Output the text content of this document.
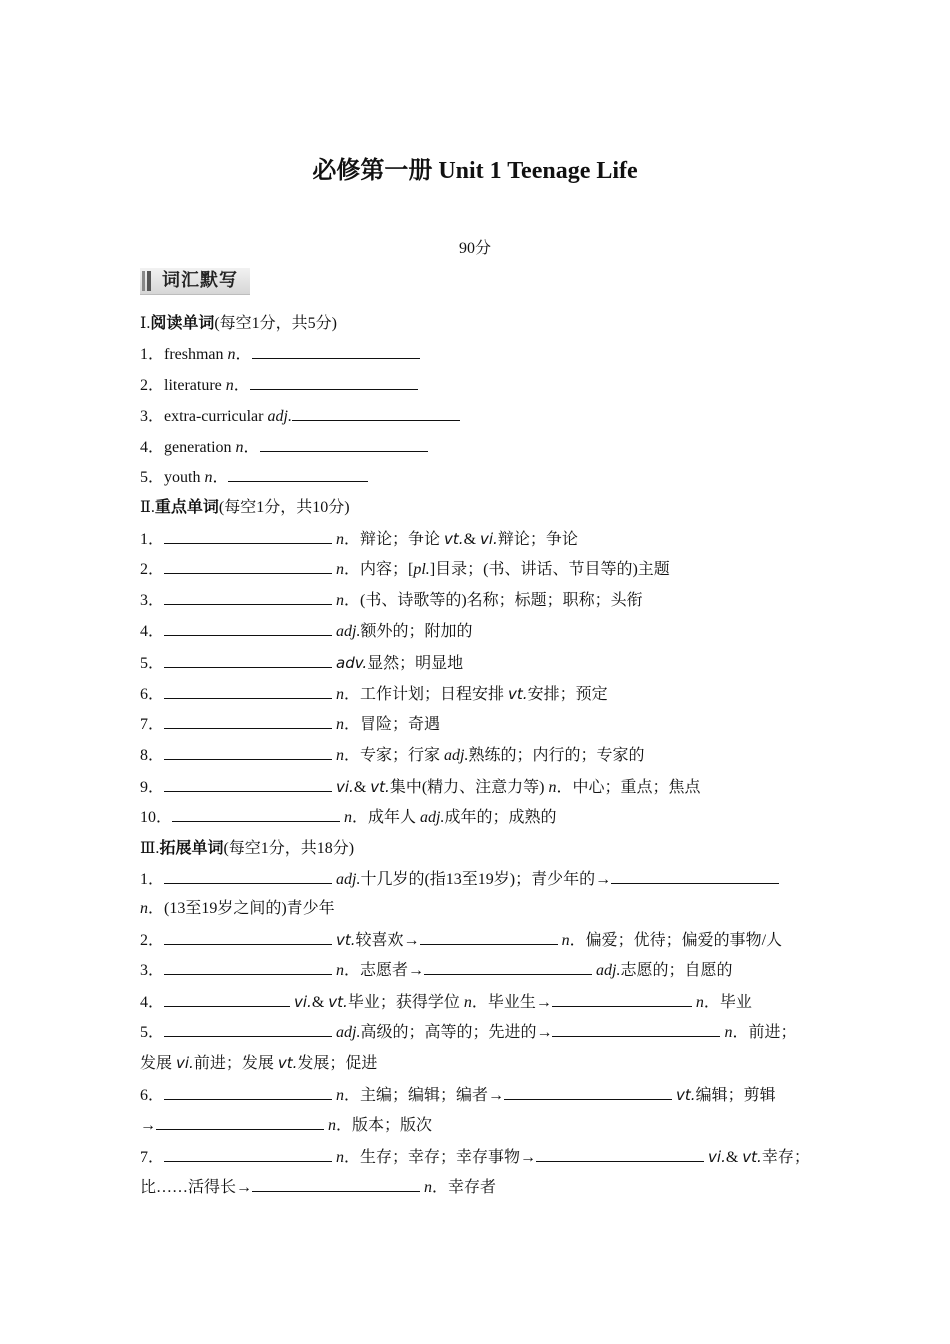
必修第一册 Unit 1 Teenage Life
90分
词汇默写
Ⅰ.阅读单词(每空1分，共5分)
1．freshman n．
2．literature n．
3．extra-curricular adj.
4．generation n．
5．youth n．
Ⅱ.重点单词(每空1分，共10分)
1．	n．辩论；争论 vt.& vi.辩论；争论
2．	n．内容；[pl.]目录；(书、讲话、节目等的)主题
3．	n．(书、诗歌等的)名称；标题；职称；头衔
4．	adj.额外的；附加的
5．	adv.显然；明显地
6．	n．工作计划；日程安排 vt.安排；预定
7．	n．冒险；奇遇
8．	n．专家；行家 adj.熟练的；内行的；专家的
9．	vi.& vt.集中(精力、注意力等) n．中心；重点；焦点
10．	n．成年人 adj.成年的；成熟的
Ⅲ.拓展单词(每空1分，共18分)
1．	adj.十几岁的(指13至19岁)；青少年的→
n．(13至19岁之间的)青少年
2．	vt.较喜欢→	n．偏爱；优待；偏爱的事物/人
3．	n．志愿者→	adj.志愿的；自愿的
4．	vi.& vt.毕业；获得学位 n．毕业生→	n．毕业
5．	adj.高级的；高等的；先进的→	n．前进；
发展 vi.前进；发展 vt.发展；促进
6．	n．主编；编辑；编者→	vt.编辑；剪辑
→	n．版本；版次
7．	n．生存；幸存；幸存事物→	vi.& vt.幸存；
比……活得长→	n．幸存者
